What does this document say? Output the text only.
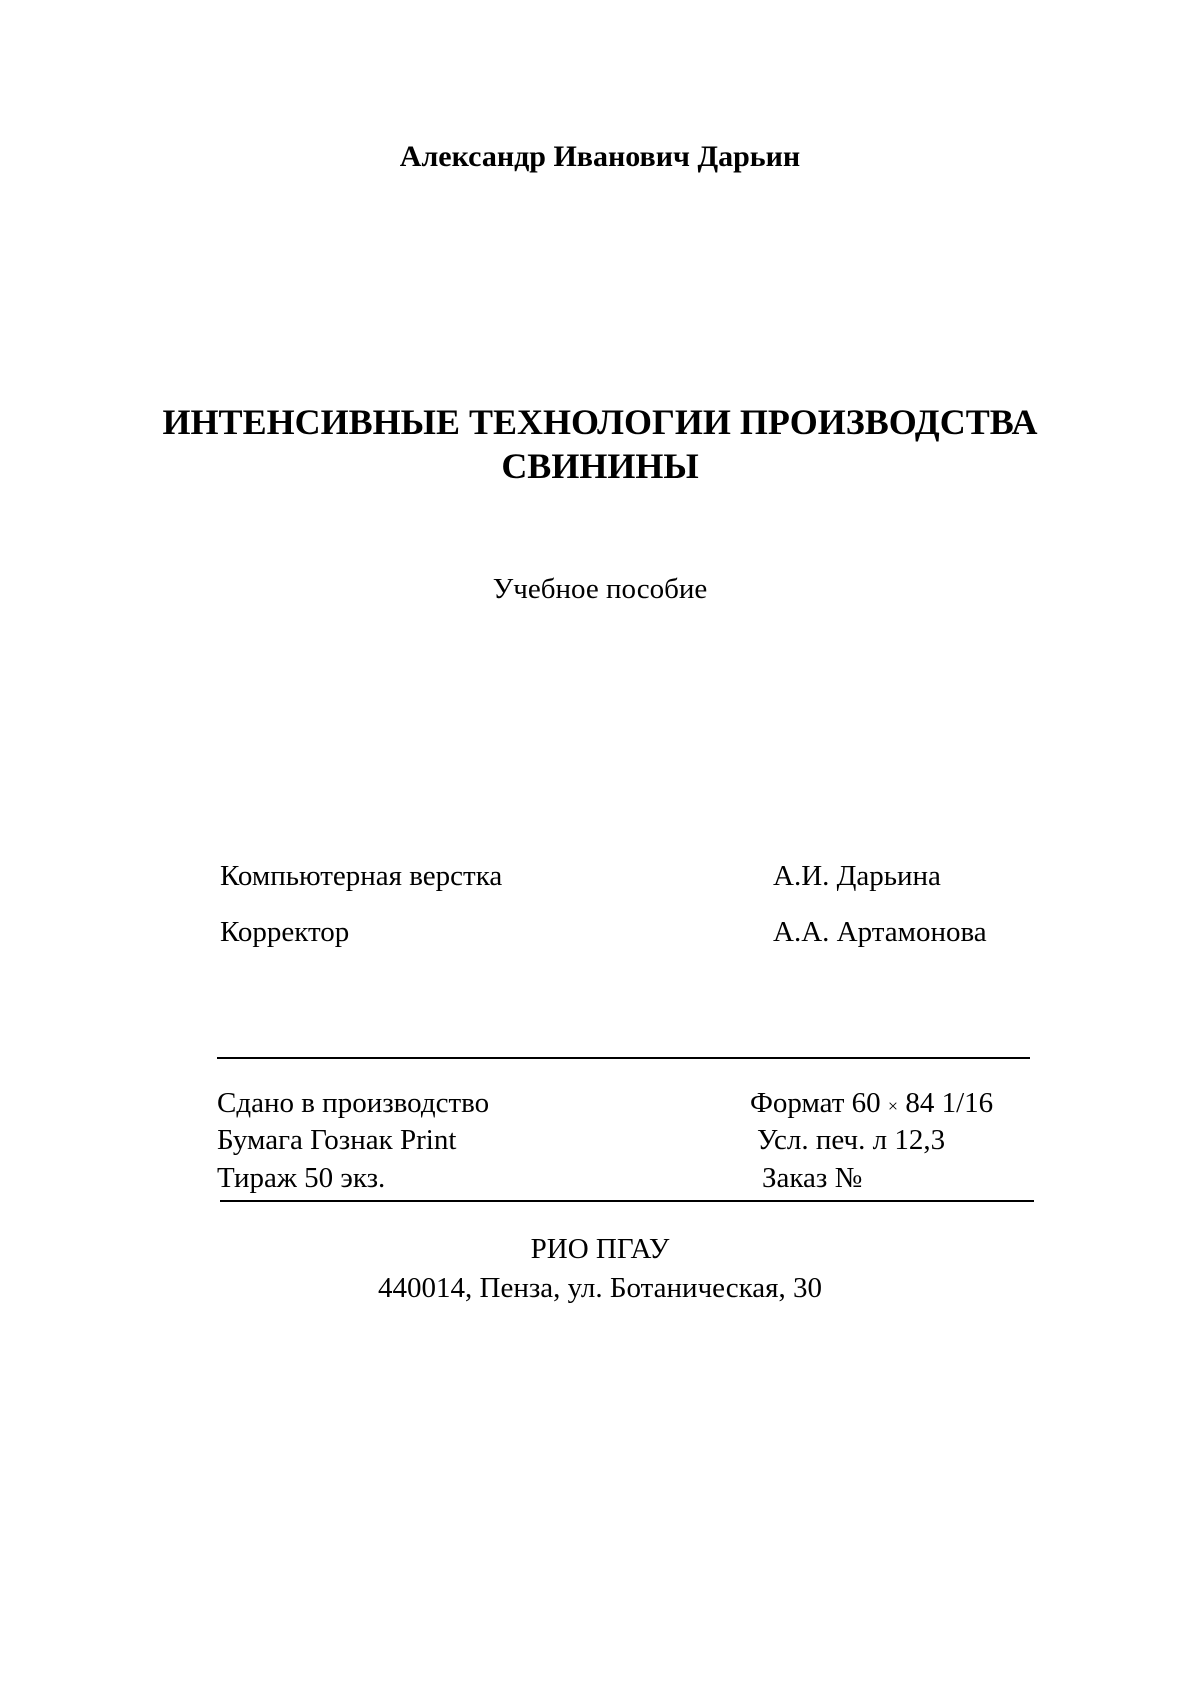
Александр Иванович Дарьин
ИНТЕНСИВНЫЕ ТЕХНОЛОГИИ ПРОИЗВОДСТВА
СВИНИНЫ
Учебное пособие
Компьютерная верстка	А.И. Дарьина
Корректор	А.А. Артамонова
Сдано в производство	Формат 60 × 84 1/16
Бумага Гознак Print	Усл. печ. л 12,3
Тираж 50 экз.	Заказ №
РИО ПГАУ
440014, Пенза, ул. Ботаническая, 30
